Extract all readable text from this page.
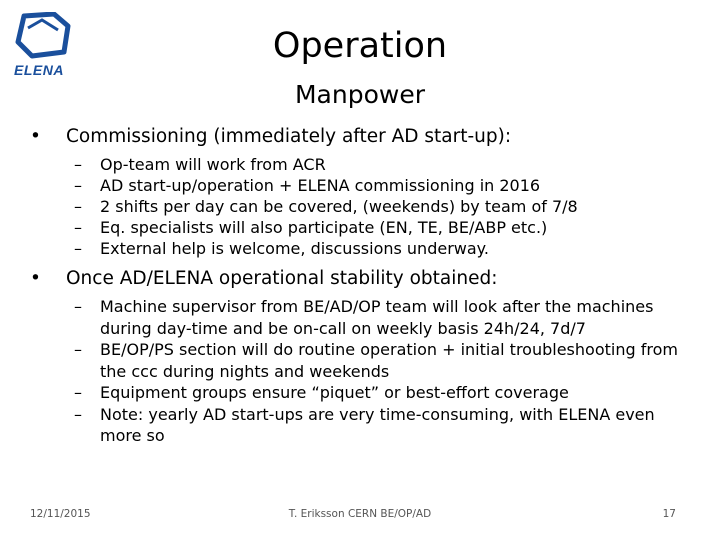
ELENA
Operation
Manpower

• Commissioning (immediately after AD start-up):

– Op-team will work from ACR
– AD start-up/operation + ELENA commissioning in 2016
– 2 shifts per day can be covered, (weekends) by team of 7/8
– Eq. specialists will also participate (EN, TE, BE/ABP etc.)
– External help is welcome, discussions underway.

• Once AD/ELENA operational stability obtained:

– Machine supervisor from BE/AD/OP team will look after the machines during day-time and be on-call on weekly basis 24h/24, 7d/7
– BE/OP/PS section will do routine operation + initial troubleshooting from the ccc during nights and weekends
– Equipment groups ensure “piquet” or best-effort coverage
– Note: yearly AD start-ups are very time-consuming, with ELENA even more so
12/11/2015	T. Eriksson CERN BE/OP/AD	17
